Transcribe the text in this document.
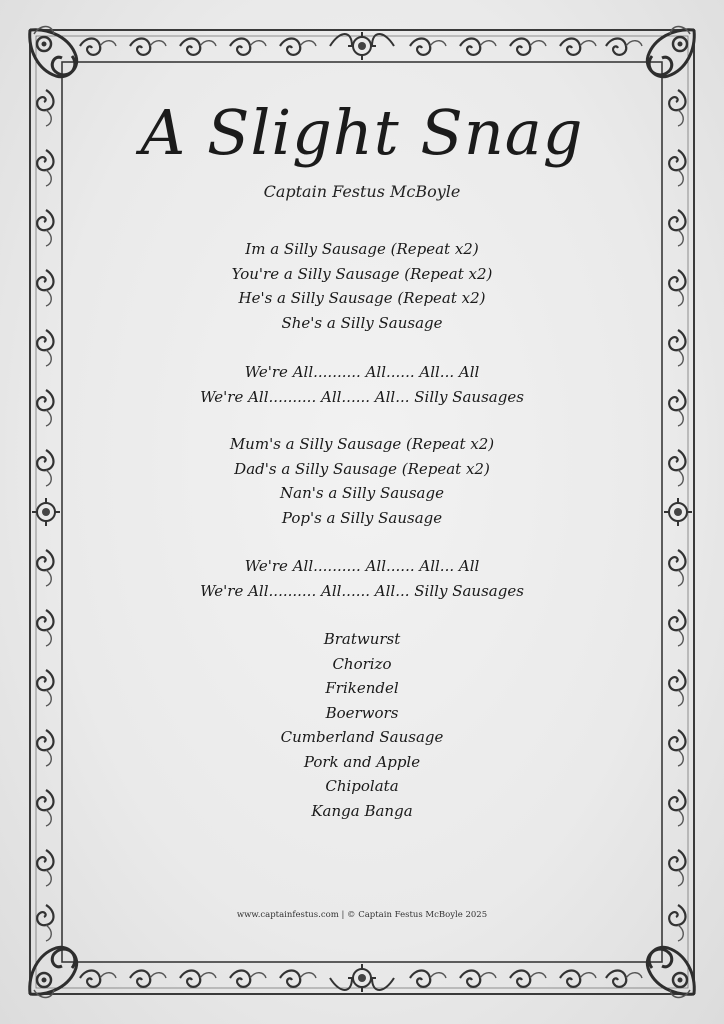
A Slight Snag
Captain Festus McBoyle
Im a Silly Sausage (Repeat x2)
You're a Silly Sausage (Repeat x2)
He's a Silly Sausage (Repeat x2)
She's a Silly Sausage
We're All.......... All...... All... All
We're All.......... All...... All... Silly Sausages
Mum's a Silly Sausage (Repeat x2)
Dad's a Silly Sausage (Repeat x2)
Nan's a Silly Sausage
Pop's a Silly Sausage
We're All.......... All...... All... All
We're All.......... All...... All... Silly Sausages
Bratwurst
Chorizo
Frikendel
Boerwors
Cumberland Sausage
Pork and Apple
Chipolata
Kanga Banga
www.captainfestus.com | © Captain Festus McBoyle 2025
